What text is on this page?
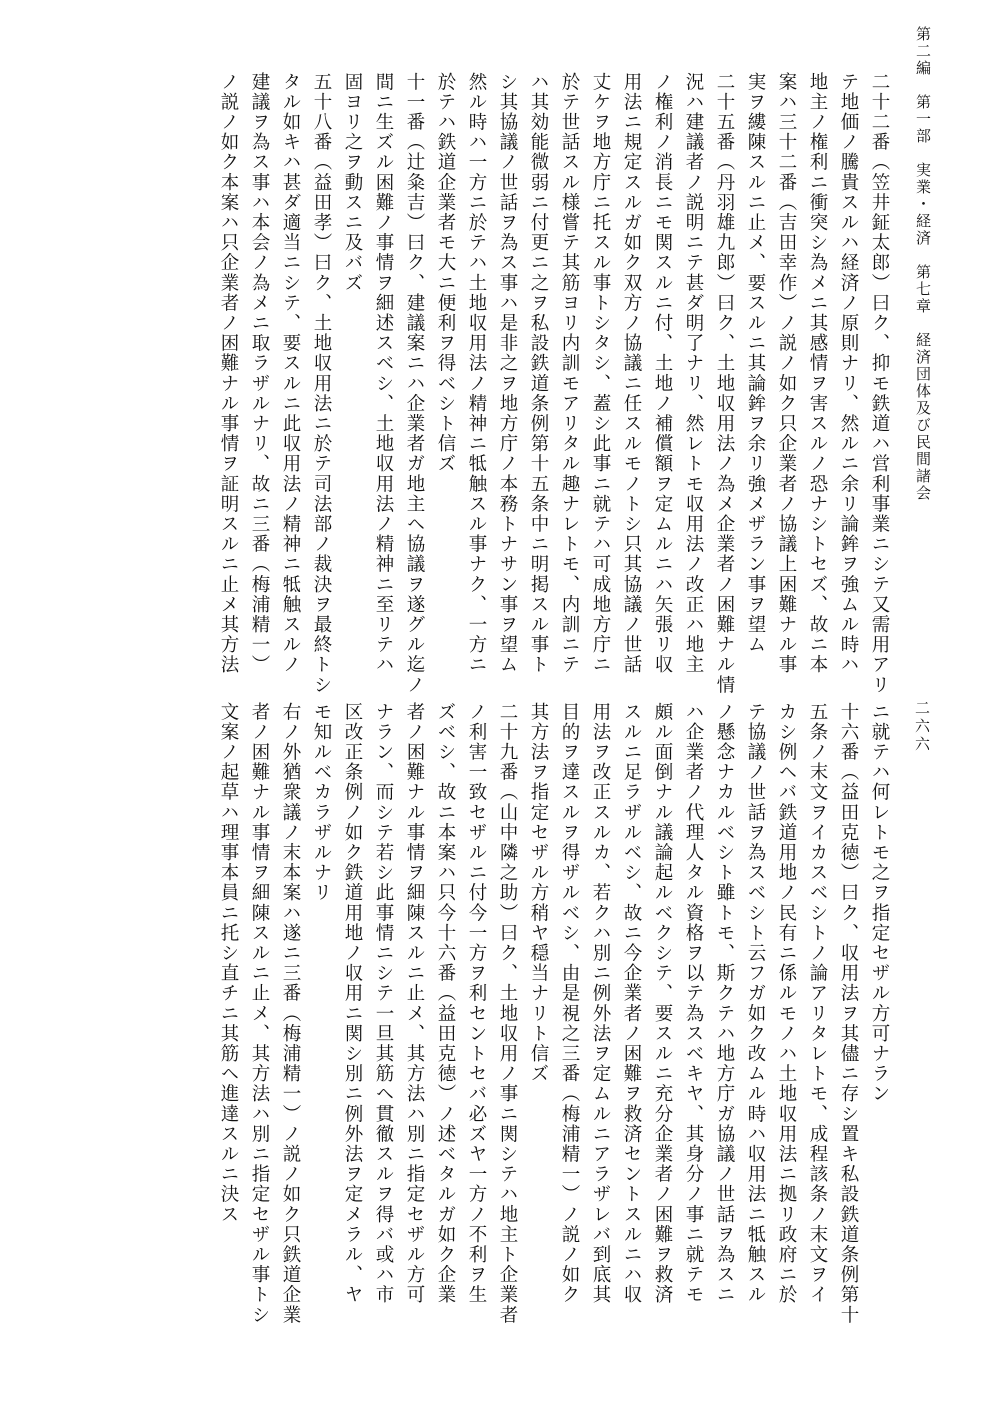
第二編　第一部　実業・経済　第七章　経済団体及び民間諸会
二六六
二十二番（笠井鉦太郎）曰ク、抑モ鉄道ハ営利事業ニシテ又需用アリ
テ地価ノ騰貴スルハ経済ノ原則ナリ、然ルニ余リ論鉾ヲ強ムル時ハ
地主ノ権利ニ衝突シ為メニ其感情ヲ害スルノ恐ナシトセズ、故ニ本
案ハ三十二番（吉田幸作）ノ説ノ如ク只企業者ノ協議上困難ナル事
実ヲ縷陳スルニ止メ、要スルニ其論鉾ヲ余リ強メザラン事ヲ望ム
二十五番（丹羽雄九郎）曰ク、土地収用法ノ為メ企業者ノ困難ナル情
況ハ建議者ノ説明ニテ甚ダ明了ナリ、然レトモ収用法ノ改正ハ地主
ノ権利ノ消長ニモ関スルニ付、土地ノ補償額ヲ定ムルニハ矢張リ収
用法ニ規定スルガ如ク双方ノ協議ニ任スルモノトシ只其協議ノ世話
丈ケヲ地方庁ニ托スル事トシタシ、蓋シ此事ニ就テハ可成地方庁ニ
於テ世話スル様嘗テ其筋ヨリ内訓モアリタル趣ナレトモ、内訓ニテ
ハ其効能微弱ニ付更ニ之ヲ私設鉄道条例第十五条中ニ明掲スル事ト
シ其協議ノ世話ヲ為ス事ハ是非之ヲ地方庁ノ本務トナサン事ヲ望ム
然ル時ハ一方ニ於テハ土地収用法ノ精神ニ牴触スル事ナク、一方ニ
於テハ鉄道企業者モ大ニ便利ヲ得ベシト信ズ
十一番（辻粂吉）曰ク、建議案ニハ企業者ガ地主ヘ協議ヲ遂グル迄ノ
間ニ生ズル困難ノ事情ヲ細述スベシ、土地収用法ノ精神ニ至リテハ
固ヨリ之ヲ動スニ及バズ
五十八番（益田孝）曰ク、土地収用法ニ於テ司法部ノ裁決ヲ最終トシ
タル如キハ甚ダ適当ニシテ、要スルニ此収用法ノ精神ニ牴触スルノ
建議ヲ為ス事ハ本会ノ為メニ取ラザルナリ、故ニ三番（梅浦精一）
ノ説ノ如ク本案ハ只企業者ノ困難ナル事情ヲ証明スルニ止メ其方法
ニ就テハ何レトモ之ヲ指定セザル方可ナラン
十六番（益田克徳）曰ク、収用法ヲ其儘ニ存シ置キ私設鉄道条例第十
五条ノ末文ヲイカスベシトノ論アリタレトモ、成程該条ノ末文ヲイ
カシ例ヘバ鉄道用地ノ民有ニ係ルモノハ土地収用法ニ拠リ政府ニ於
テ協議ノ世話ヲ為スベシト云フガ如ク改ムル時ハ収用法ニ牴触スル
ノ懸念ナカルベシト雖トモ、斯クテハ地方庁ガ協議ノ世話ヲ為スニ
ハ企業者ノ代理人タル資格ヲ以テ為スベキヤ、其身分ノ事ニ就テモ
頗ル面倒ナル議論起ルベクシテ、要スルニ充分企業者ノ困難ヲ救済
スルニ足ラザルベシ、故ニ今企業者ノ困難ヲ救済セントスルニハ収
用法ヲ改正スルカ、若クハ別ニ例外法ヲ定ムルニアラザレバ到底其
目的ヲ達スルヲ得ザルベシ、由是視之三番（梅浦精一）ノ説ノ如ク
其方法ヲ指定セザル方稍ヤ穏当ナリト信ズ
二十九番（山中隣之助）曰ク、土地収用ノ事ニ関シテハ地主ト企業者
ノ利害一致セザルニ付今一方ヲ利セントセバ必ズヤ一方ノ不利ヲ生
ズベシ、故ニ本案ハ只今十六番（益田克徳）ノ述ベタルガ如ク企業
者ノ困難ナル事情ヲ細陳スルニ止メ、其方法ハ別ニ指定セザル方可
ナラン、而シテ若シ此事情ニシテ一旦其筋ヘ貫徹スルヲ得バ或ハ市
区改正条例ノ如ク鉄道用地ノ収用ニ関シ別ニ例外法ヲ定メラル、ヤ
モ知ルベカラザルナリ
右ノ外猶衆議ノ末本案ハ遂ニ三番（梅浦精一）ノ説ノ如ク只鉄道企業
者ノ困難ナル事情ヲ細陳スルニ止メ、其方法ハ別ニ指定セザル事トシ
文案ノ起草ハ理事本員ニ托シ直チニ其筋ヘ進達スルニ決ス
